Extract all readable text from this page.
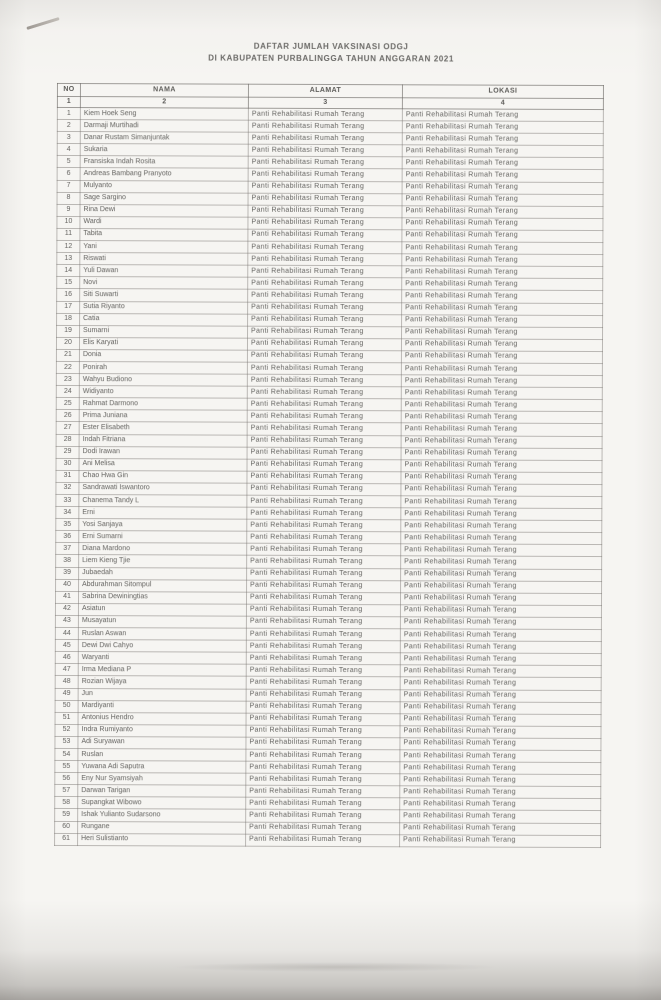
DAFTAR JUMLAH VAKSINASI ODGJ
DI KABUPATEN PURBALINGGA TAHUN ANGGARAN 2021
NO	NAMA	ALAMAT	LOKASI
1	2	3	4
1	Kiem Hoek Seng	Panti Rehabilitasi Rumah Terang	Panti Rehabilitasi Rumah Terang
2	Darmaji Murtihadi	Panti Rehabilitasi Rumah Terang	Panti Rehabilitasi Rumah Terang
3	Danar Rustam Simanjuntak	Panti Rehabilitasi Rumah Terang	Panti Rehabilitasi Rumah Terang
4	Sukaria	Panti Rehabilitasi Rumah Terang	Panti Rehabilitasi Rumah Terang
5	Fransiska Indah Rosita	Panti Rehabilitasi Rumah Terang	Panti Rehabilitasi Rumah Terang
6	Andreas Bambang Pranyoto	Panti Rehabilitasi Rumah Terang	Panti Rehabilitasi Rumah Terang
7	Mulyanto	Panti Rehabilitasi Rumah Terang	Panti Rehabilitasi Rumah Terang
8	Sage Sargino	Panti Rehabilitasi Rumah Terang	Panti Rehabilitasi Rumah Terang
9	Rina Dewi	Panti Rehabilitasi Rumah Terang	Panti Rehabilitasi Rumah Terang
10	Wardi	Panti Rehabilitasi Rumah Terang	Panti Rehabilitasi Rumah Terang
11	Tabita	Panti Rehabilitasi Rumah Terang	Panti Rehabilitasi Rumah Terang
12	Yani	Panti Rehabilitasi Rumah Terang	Panti Rehabilitasi Rumah Terang
13	Riswati	Panti Rehabilitasi Rumah Terang	Panti Rehabilitasi Rumah Terang
14	Yuli Dawan	Panti Rehabilitasi Rumah Terang	Panti Rehabilitasi Rumah Terang
15	Novi	Panti Rehabilitasi Rumah Terang	Panti Rehabilitasi Rumah Terang
16	Siti Suwarti	Panti Rehabilitasi Rumah Terang	Panti Rehabilitasi Rumah Terang
17	Sutia Riyanto	Panti Rehabilitasi Rumah Terang	Panti Rehabilitasi Rumah Terang
18	Catia	Panti Rehabilitasi Rumah Terang	Panti Rehabilitasi Rumah Terang
19	Sumarni	Panti Rehabilitasi Rumah Terang	Panti Rehabilitasi Rumah Terang
20	Elis Karyati	Panti Rehabilitasi Rumah Terang	Panti Rehabilitasi Rumah Terang
21	Donia	Panti Rehabilitasi Rumah Terang	Panti Rehabilitasi Rumah Terang
22	Ponirah	Panti Rehabilitasi Rumah Terang	Panti Rehabilitasi Rumah Terang
23	Wahyu Budiono	Panti Rehabilitasi Rumah Terang	Panti Rehabilitasi Rumah Terang
24	Widiyanto	Panti Rehabilitasi Rumah Terang	Panti Rehabilitasi Rumah Terang
25	Rahmat Darmono	Panti Rehabilitasi Rumah Terang	Panti Rehabilitasi Rumah Terang
26	Prima Juniana	Panti Rehabilitasi Rumah Terang	Panti Rehabilitasi Rumah Terang
27	Ester Elisabeth	Panti Rehabilitasi Rumah Terang	Panti Rehabilitasi Rumah Terang
28	Indah Fitriana	Panti Rehabilitasi Rumah Terang	Panti Rehabilitasi Rumah Terang
29	Dodi Irawan	Panti Rehabilitasi Rumah Terang	Panti Rehabilitasi Rumah Terang
30	Ani Melisa	Panti Rehabilitasi Rumah Terang	Panti Rehabilitasi Rumah Terang
31	Chao Hwa Gin	Panti Rehabilitasi Rumah Terang	Panti Rehabilitasi Rumah Terang
32	Sandrawati Iswantoro	Panti Rehabilitasi Rumah Terang	Panti Rehabilitasi Rumah Terang
33	Chanema Tandy L	Panti Rehabilitasi Rumah Terang	Panti Rehabilitasi Rumah Terang
34	Erni	Panti Rehabilitasi Rumah Terang	Panti Rehabilitasi Rumah Terang
35	Yosi Sanjaya	Panti Rehabilitasi Rumah Terang	Panti Rehabilitasi Rumah Terang
36	Erni Sumarni	Panti Rehabilitasi Rumah Terang	Panti Rehabilitasi Rumah Terang
37	Diana Mardono	Panti Rehabilitasi Rumah Terang	Panti Rehabilitasi Rumah Terang
38	Liem Kieng Tjie	Panti Rehabilitasi Rumah Terang	Panti Rehabilitasi Rumah Terang
39	Jubaedah	Panti Rehabilitasi Rumah Terang	Panti Rehabilitasi Rumah Terang
40	Abdurahman Sitompul	Panti Rehabilitasi Rumah Terang	Panti Rehabilitasi Rumah Terang
41	Sabrina Dewiningtias	Panti Rehabilitasi Rumah Terang	Panti Rehabilitasi Rumah Terang
42	Asiatun	Panti Rehabilitasi Rumah Terang	Panti Rehabilitasi Rumah Terang
43	Musayatun	Panti Rehabilitasi Rumah Terang	Panti Rehabilitasi Rumah Terang
44	Ruslan Aswan	Panti Rehabilitasi Rumah Terang	Panti Rehabilitasi Rumah Terang
45	Dewi Dwi Cahyo	Panti Rehabilitasi Rumah Terang	Panti Rehabilitasi Rumah Terang
46	Waryanti	Panti Rehabilitasi Rumah Terang	Panti Rehabilitasi Rumah Terang
47	Irma Mediana P	Panti Rehabilitasi Rumah Terang	Panti Rehabilitasi Rumah Terang
48	Rozian Wijaya	Panti Rehabilitasi Rumah Terang	Panti Rehabilitasi Rumah Terang
49	Jun	Panti Rehabilitasi Rumah Terang	Panti Rehabilitasi Rumah Terang
50	Mardiyanti	Panti Rehabilitasi Rumah Terang	Panti Rehabilitasi Rumah Terang
51	Antonius Hendro	Panti Rehabilitasi Rumah Terang	Panti Rehabilitasi Rumah Terang
52	Indra Rumiyanto	Panti Rehabilitasi Rumah Terang	Panti Rehabilitasi Rumah Terang
53	Adi Suryawan	Panti Rehabilitasi Rumah Terang	Panti Rehabilitasi Rumah Terang
54	Ruslan	Panti Rehabilitasi Rumah Terang	Panti Rehabilitasi Rumah Terang
55	Yuwana Adi Saputra	Panti Rehabilitasi Rumah Terang	Panti Rehabilitasi Rumah Terang
56	Eny Nur Syamsiyah	Panti Rehabilitasi Rumah Terang	Panti Rehabilitasi Rumah Terang
57	Darwan Tarigan	Panti Rehabilitasi Rumah Terang	Panti Rehabilitasi Rumah Terang
58	Supangkat Wibowo	Panti Rehabilitasi Rumah Terang	Panti Rehabilitasi Rumah Terang
59	Ishak Yulianto Sudarsono	Panti Rehabilitasi Rumah Terang	Panti Rehabilitasi Rumah Terang
60	Rungane	Panti Rehabilitasi Rumah Terang	Panti Rehabilitasi Rumah Terang
61	Heri Sulistianto	Panti Rehabilitasi Rumah Terang	Panti Rehabilitasi Rumah Terang
